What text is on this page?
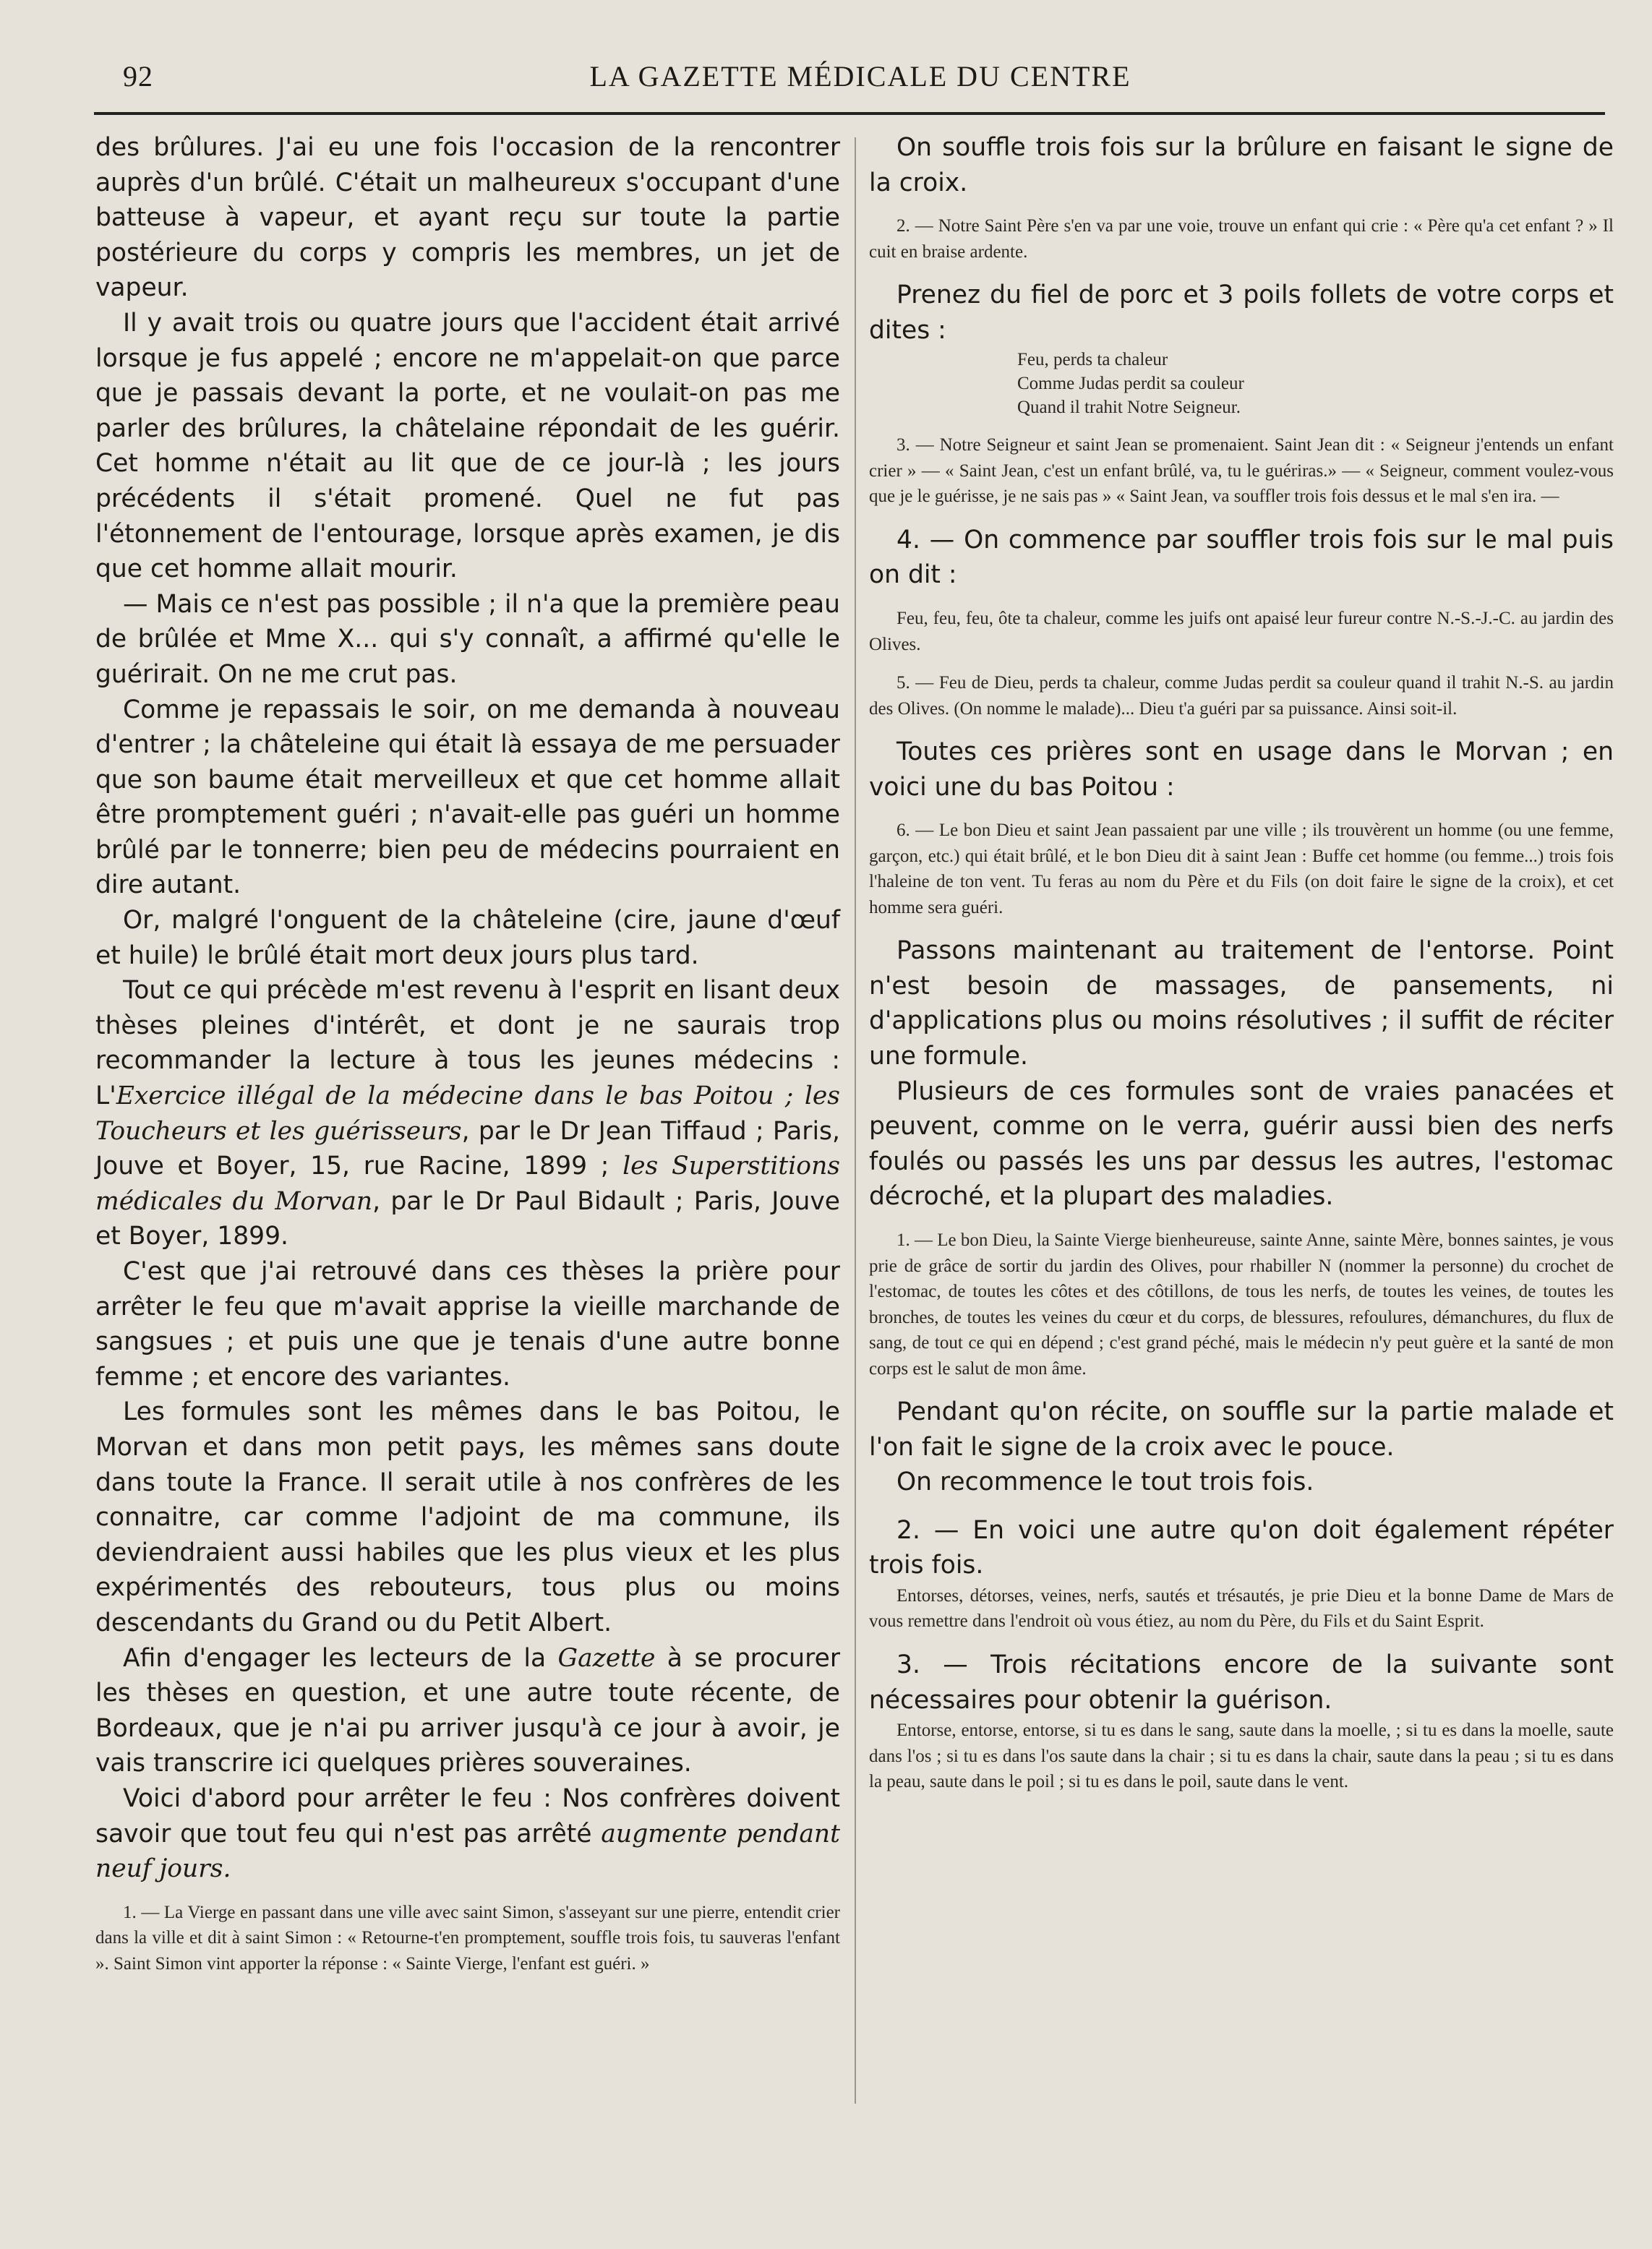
92	LA GAZETTE MÉDICALE DU CENTRE

des brûlures. J'ai eu une fois l'occasion de la rencontrer auprès d'un brûlé. C'était un malheureux s'occupant d'une batteuse à vapeur, et ayant reçu sur toute la partie postérieure du corps y compris les membres, un jet de vapeur.

Il y avait trois ou quatre jours que l'accident était arrivé lorsque je fus appelé ; encore ne m'appelait-on que parce que je passais devant la porte, et ne voulait-on pas me parler des brûlures, la châtelaine répondait de les guérir. Cet homme n'était au lit que de ce jour-là ; les jours précédents il s'était promené. Quel ne fut pas l'étonnement de l'entourage, lorsque après examen, je dis que cet homme allait mourir.

— Mais ce n'est pas possible ; il n'a que la première peau de brûlée et Mme X... qui s'y connaît, a affirmé qu'elle le guérirait. On ne me crut pas.

Comme je repassais le soir, on me demanda à nouveau d'entrer ; la châteleine qui était là essaya de me persuader que son baume était merveilleux et que cet homme allait être promptement guéri ; n'avait-elle pas guéri un homme brûlé par le tonnerre; bien peu de médecins pourraient en dire autant.

Or, malgré l'onguent de la châteleine (cire, jaune d'œuf et huile) le brûlé était mort deux jours plus tard.

Tout ce qui précède m'est revenu à l'esprit en lisant deux thèses pleines d'intérêt, et dont je ne saurais trop recommander la lecture à tous les jeunes médecins : L'Exercice illégal de la médecine dans le bas Poitou ; les Toucheurs et les guérisseurs, par le Dr Jean Tiffaud ; Paris, Jouve et Boyer, 15, rue Racine, 1899 ; les Superstitions médicales du Morvan, par le Dr Paul Bidault ; Paris, Jouve et Boyer, 1899.

C'est que j'ai retrouvé dans ces thèses la prière pour arrêter le feu que m'avait apprise la vieille marchande de sangsues ; et puis une que je tenais d'une autre bonne femme ; et encore des variantes.

Les formules sont les mêmes dans le bas Poitou, le Morvan et dans mon petit pays, les mêmes sans doute dans toute la France. Il serait utile à nos confrères de les connaitre, car comme l'adjoint de ma commune, ils deviendraient aussi habiles que les plus vieux et les plus expérimentés des rebouteurs, tous plus ou moins descendants du Grand ou du Petit Albert.

Afin d'engager les lecteurs de la Gazette à se procurer les thèses en question, et une autre toute récente, de Bordeaux, que je n'ai pu arriver jusqu'à ce jour à avoir, je vais transcrire ici quelques prières souveraines.

Voici d'abord pour arrêter le feu : Nos confrères doivent savoir que tout feu qui n'est pas arrêté augmente pendant neuf jours.

1. — La Vierge en passant dans une ville avec saint Simon, s'asseyant sur une pierre, entendit crier dans la ville et dit à saint Simon : « Retourne-t'en promptement, souffle trois fois, tu sauveras l'enfant ». Saint Simon vint apporter la réponse : « Sainte Vierge, l'enfant est guéri. »

On souffle trois fois sur la brûlure en faisant le signe de la croix.

2. — Notre Saint Père s'en va par une voie, trouve un enfant qui crie : « Père qu'a cet enfant ? » Il cuit en braise ardente.

Prenez du fiel de porc et 3 poils follets de votre corps et dites :

Feu, perds ta chaleur

Comme Judas perdit sa couleur

Quand il trahit Notre Seigneur.

3. — Notre Seigneur et saint Jean se promenaient. Saint Jean dit : « Seigneur j'entends un enfant crier » — « Saint Jean, c'est un enfant brûlé, va, tu le guériras.» — « Seigneur, comment voulez-vous que je le guérisse, je ne sais pas » « Saint Jean, va souffler trois fois dessus et le mal s'en ira. —

4. — On commence par souffler trois fois sur le mal puis on dit :

Feu, feu, feu, ôte ta chaleur, comme les juifs ont apaisé leur fureur contre N.-S.-J.-C. au jardin des Olives.

5. — Feu de Dieu, perds ta chaleur, comme Judas perdit sa couleur quand il trahit N.-S. au jardin des Olives. (On nomme le malade)... Dieu t'a guéri par sa puissance. Ainsi soit-il.

Toutes ces prières sont en usage dans le Morvan ; en voici une du bas Poitou :

6. — Le bon Dieu et saint Jean passaient par une ville ; ils trouvèrent un homme (ou une femme, garçon, etc.) qui était brûlé, et le bon Dieu dit à saint Jean : Buffe cet homme (ou femme...) trois fois l'haleine de ton vent. Tu feras au nom du Père et du Fils (on doit faire le signe de la croix), et cet homme sera guéri.

Passons maintenant au traitement de l'entorse. Point n'est besoin de massages, de pansements, ni d'applications plus ou moins résolutives ; il suffit de réciter une formule.

Plusieurs de ces formules sont de vraies panacées et peuvent, comme on le verra, guérir aussi bien des nerfs foulés ou passés les uns par dessus les autres, l'estomac décroché, et la plupart des maladies.

1. — Le bon Dieu, la Sainte Vierge bienheureuse, sainte Anne, sainte Mère, bonnes saintes, je vous prie de grâce de sortir du jardin des Olives, pour rhabiller N (nommer la personne) du crochet de l'estomac, de toutes les côtes et des côtillons, de tous les nerfs, de toutes les veines, de toutes les bronches, de toutes les veines du cœur et du corps, de blessures, refoulures, démanchures, du flux de sang, de tout ce qui en dépend ; c'est grand péché, mais le médecin n'y peut guère et la santé de mon corps est le salut de mon âme.

Pendant qu'on récite, on souffle sur la partie malade et l'on fait le signe de la croix avec le pouce.

On recommence le tout trois fois.

2. — En voici une autre qu'on doit également répéter trois fois.

Entorses, détorses, veines, nerfs, sautés et trésautés, je prie Dieu et la bonne Dame de Mars de vous remettre dans l'endroit où vous étiez, au nom du Père, du Fils et du Saint Esprit.

3. — Trois récitations encore de la suivante sont nécessaires pour obtenir la guérison.

Entorse, entorse, entorse, si tu es dans le sang, saute dans la moelle, ; si tu es dans la moelle, saute dans l'os ; si tu es dans l'os saute dans la chair ; si tu es dans la chair, saute dans la peau ; si tu es dans la peau, saute dans le poil ; si tu es dans le poil, saute dans le vent.
